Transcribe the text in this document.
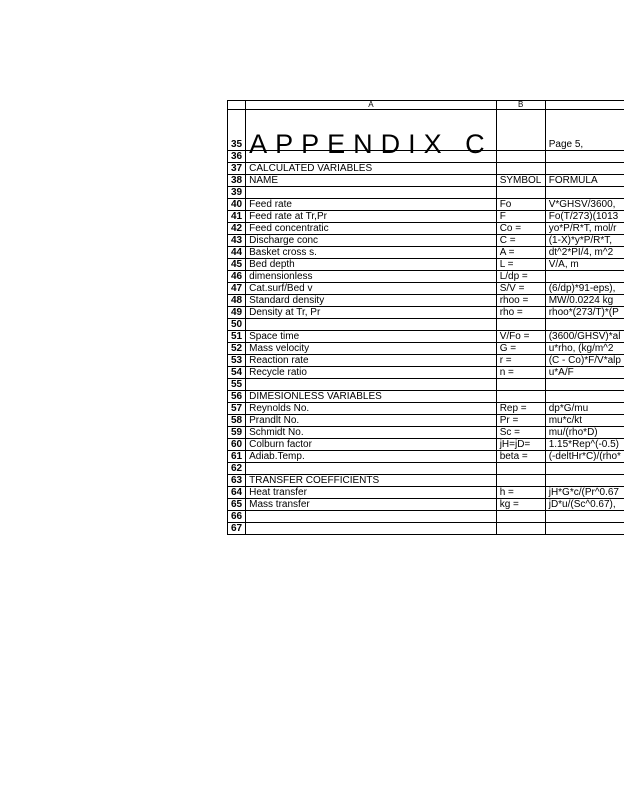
	A	B	
35	APPENDIX C		Page 5,
36			
37	CALCULATED VARIABLES		
38	NAME	SYMBOL	FORMULA
39			
40	Feed rate	Fo	V*GHSV/3600,
41	Feed rate at Tr,Pr	F	Fo(T/273)(1013
42	Feed concentratic	Co =	yo*P/R*T, mol/r
43	Discharge conc	C =	(1-X)*y*P/R*T,
44	Basket cross s.	A =	dt^2*PI/4, m^2
45	Bed depth	L =	V/A, m
46	dimensionless	L/dp =	
47	Cat.surf/Bed v	S/V =	(6/dp)*91-eps),
48	Standard density	rhoo =	MW/0.0224 kg
49	Density at Tr, Pr	rho =	rhoo*(273/T)*(P
50			
51	Space time	V/Fo =	(3600/GHSV)*al
52	Mass velocity	G =	u*rho, (kg/m^2
53	Reaction rate	r =	(C - Co)*F/V*alp
54	Recycle ratio	n =	u*A/F
55			
56	DIMESIONLESS VARIABLES		
57	Reynolds No.	Rep =	dp*G/mu
58	Prandlt No.	Pr =	mu*c/kt
59	Schmidt No.	Sc =	mu/(rho*D)
60	Colburn factor	jH=jD=	1.15*Rep^(-0.5)
61	Adiab.Temp.	beta =	(-deltHr*C)/(rho*
62			
63	TRANSFER COEFFICIENTS		
64	Heat transfer	h =	jH*G*c/(Pr^0.67
65	Mass transfer	kg =	jD*u/(Sc^0.67),
66			
67			
